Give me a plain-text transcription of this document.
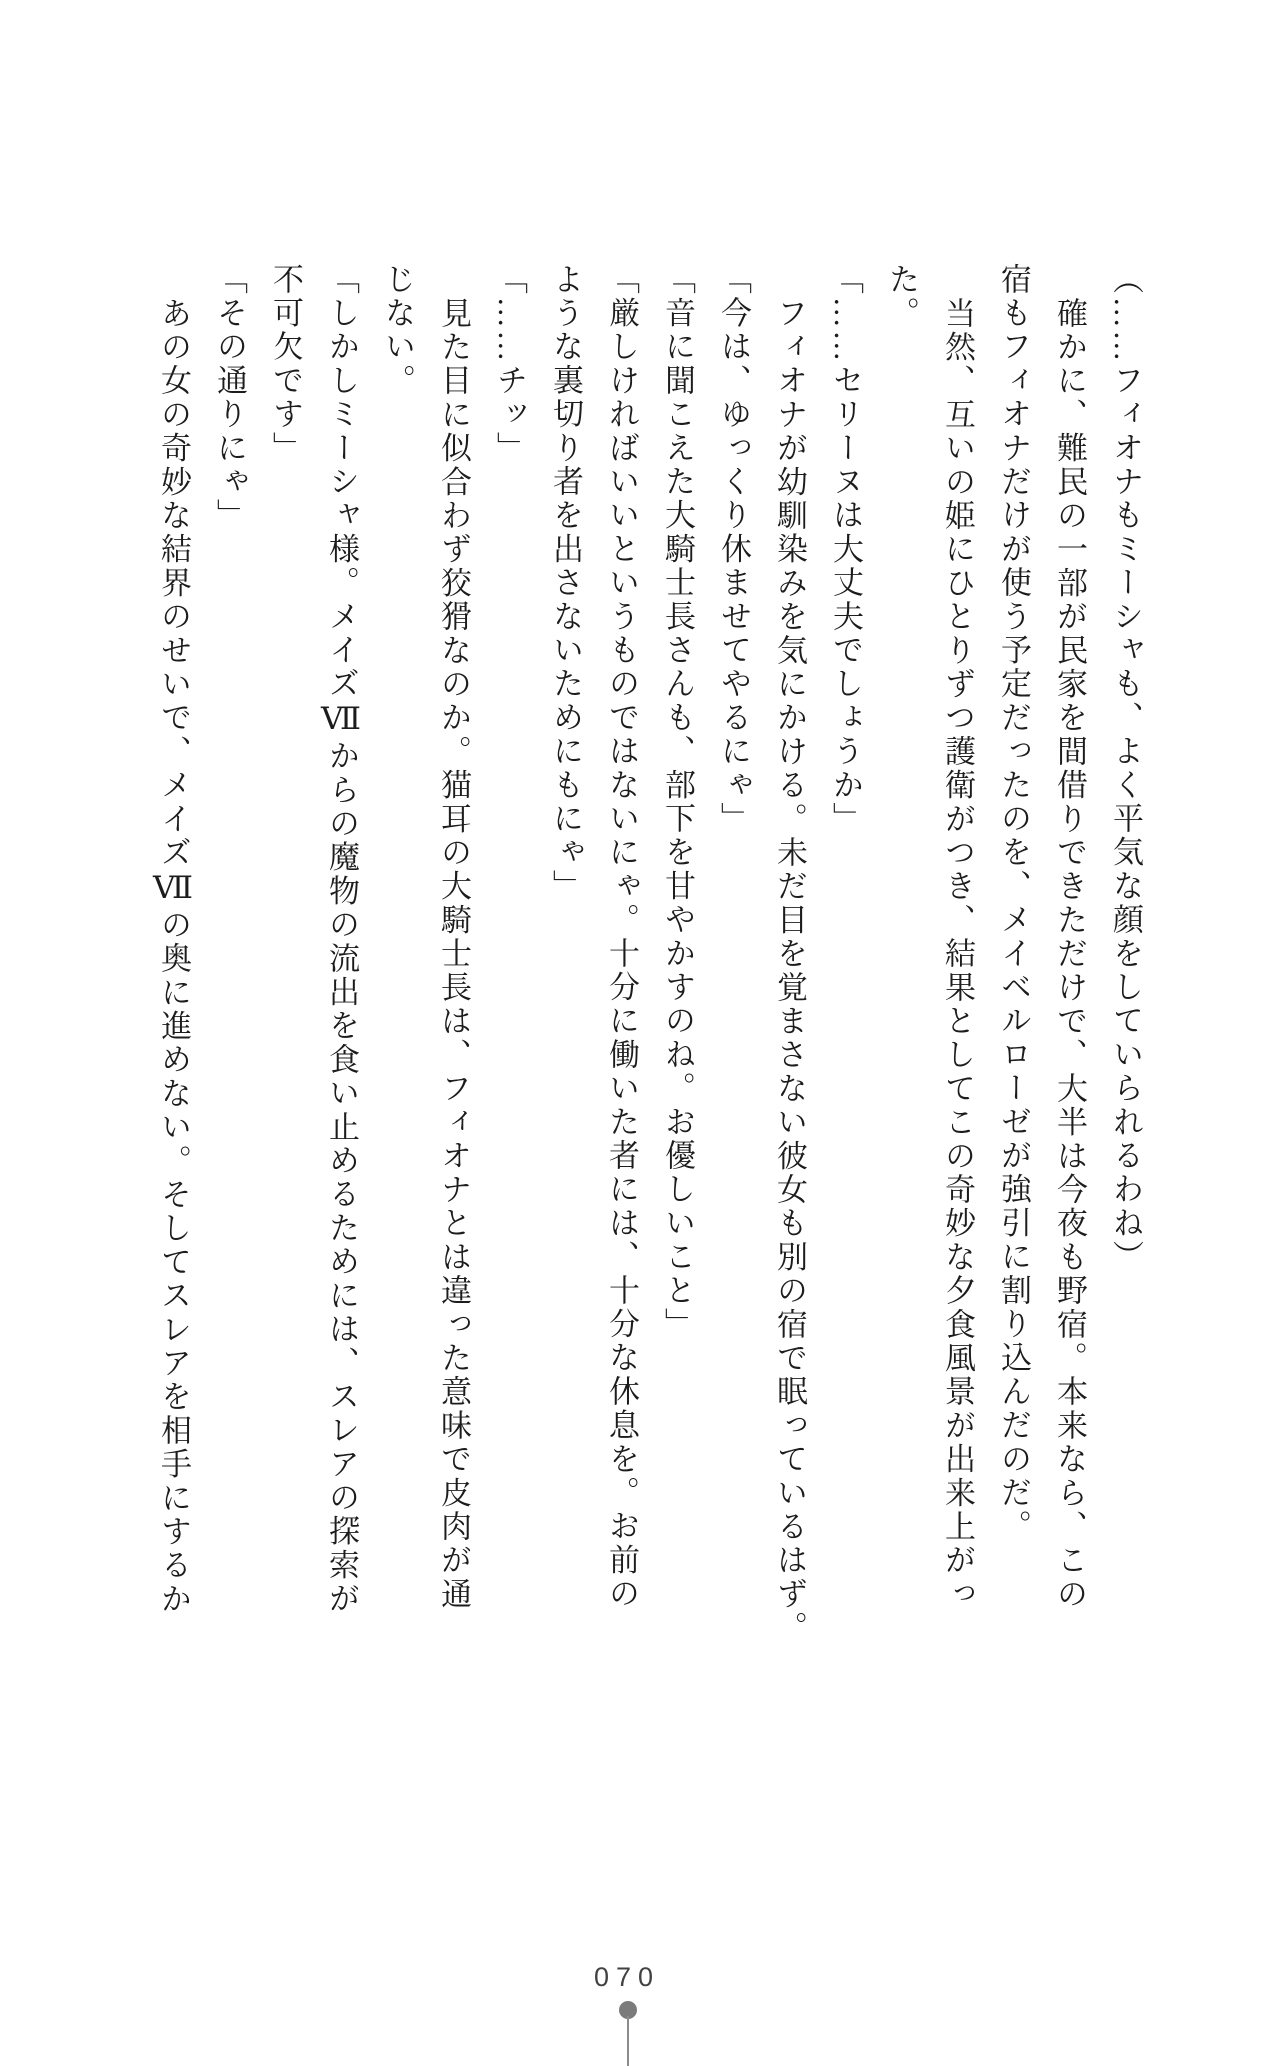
（……フィオナもミーシャも、よく平気な顔をしていられるわね）
確かに、難民の一部が民家を間借りできただけで、大半は今夜も野宿。本来なら、この
宿もフィオナだけが使う予定だったのを、メイベルローゼが強引に割り込んだのだ。
当然、互いの姫にひとりずつ護衛がつき、結果としてこの奇妙な夕食風景が出来上がっ
た。
「……セリーヌは大丈夫でしょうか」
フィオナが幼馴染みを気にかける。未だ目を覚まさない彼女も別の宿で眠っているはず。
「今は、ゆっくり休ませてやるにゃ」
「音に聞こえた大騎士長さんも、部下を甘やかすのね。お優しいこと」
「厳しければいいというものではないにゃ。十分に働いた者には、十分な休息を。お前の
ような裏切り者を出さないためにもにゃ」
「……チッ」
見た目に似合わず狡猾なのか。猫耳の大騎士長は、フィオナとは違った意味で皮肉が通
じない。
「しかしミーシャ様。メイズⅦからの魔物の流出を食い止めるためには、スレアの探索が
不可欠です」
「その通りにゃ」
あの女の奇妙な結界のせいで、メイズⅦの奥に進めない。そしてスレアを相手にするか
070
